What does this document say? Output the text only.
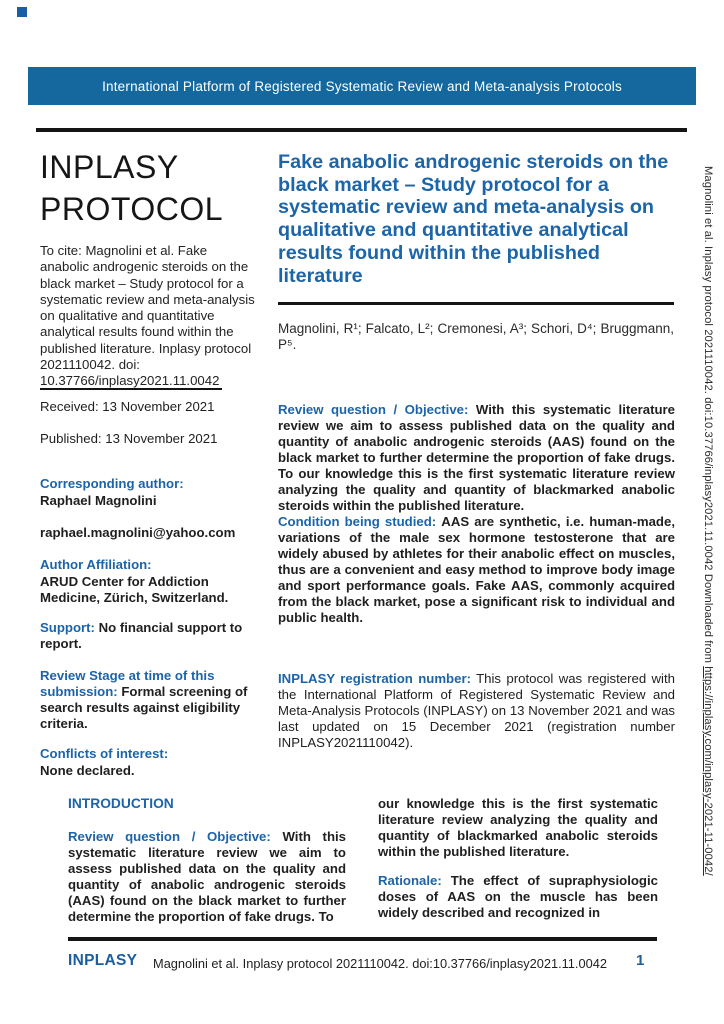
International Platform of Registered Systematic Review and Meta-analysis Protocols
INPLASY
PROTOCOL
To cite: Magnolini et al. Fake anabolic androgenic steroids on the black market – Study protocol for a systematic review and meta-analysis on qualitative and quantitative analytical results found within the published literature. Inplasy protocol 2021110042. doi: 10.37766/inplasy2021.11.0042
Received: 13 November 2021
Published: 13 November 2021
Corresponding author:
Raphael Magnolini
raphael.magnolini@yahoo.com
Author Affiliation:
ARUD Center for Addiction Medicine, Zürich, Switzerland.
Support: No financial support to report.
Review Stage at time of this submission: Formal screening of search results against eligibility criteria.
Conflicts of interest:
None declared.
Fake anabolic androgenic steroids on the black market – Study protocol for a systematic review and meta-analysis on qualitative and quantitative analytical results found within the published literature
Magnolini, R¹; Falcato, L²; Cremonesi, A³; Schori, D⁴; Bruggmann, P⁵.

Review question / Objective: With this systematic literature review we aim to assess published data on the quality and quantity of anabolic androgenic steroids (AAS) found on the black market to further determine the proportion of fake drugs. To our knowledge this is the first systematic literature review analyzing the quality and quantity of blackmarked anabolic steroids within the published literature.

Condition being studied: AAS are synthetic, i.e. human-made, variations of the male sex hormone testosterone that are widely abused by athletes for their anabolic effect on muscles, thus are a convenient and easy method to improve body image and sport performance goals. Fake AAS, commonly acquired from the black market, pose a significant risk to individual and public health.

INPLASY registration number: This protocol was registered with the International Platform of Registered Systematic Review and Meta-Analysis Protocols (INPLASY) on 13 November 2021 and was last updated on 15 December 2021 (registration number INPLASY2021110042).
INTRODUCTION
Review question / Objective: With this systematic literature review we aim to assess published data on the quality and quantity of anabolic androgenic steroids (AAS) found on the black market to further determine the proportion of fake drugs. To
our knowledge this is the first systematic literature review analyzing the quality and quantity of blackmarked anabolic steroids within the published literature.
Rationale: The effect of supraphysiologic doses of AAS on the muscle has been widely described and recognized in
INPLASY	Magnolini et al. Inplasy protocol 2021110042. doi:10.37766/inplasy2021.11.0042	1
Magnolini et al. Inplasy protocol 2021110042. doi:10.37766/inplasy2021.11.0042 Downloaded from https://inplasy.com/inplasy-2021-11-0042/
